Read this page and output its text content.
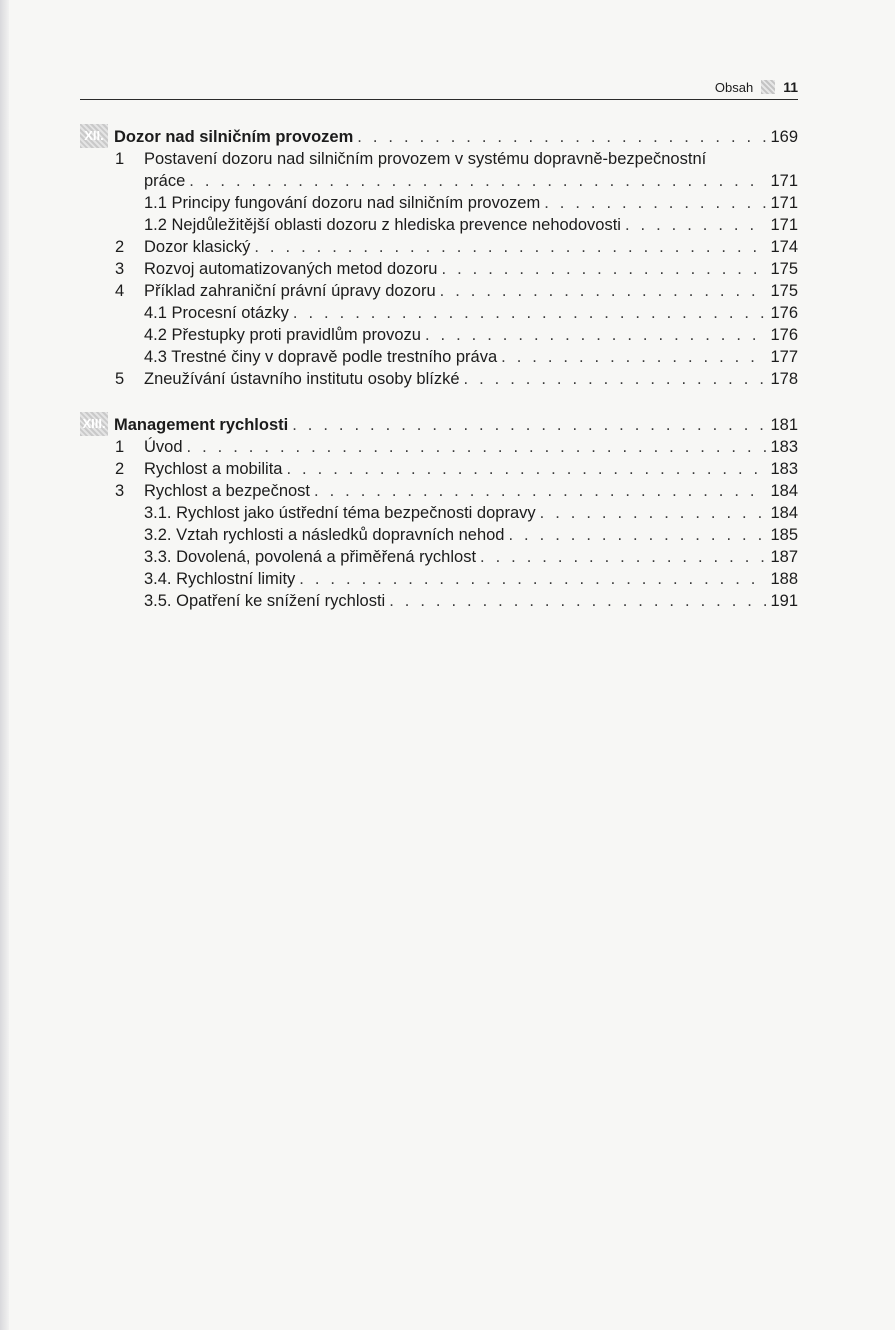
Obsah 11
XII. Dozor nad silničním provozem . . .	169
1	Postavení dozoru nad silničním provozem v systému dopravně-bezpečnostní
práce . . .	171
1.1 Principy fungování dozoru nad silničním provozem . . .	171
1.2 Nejdůležitější oblasti dozoru z hlediska prevence nehodovosti . . .	171
2	Dozor klasický . . .	174
3	Rozvoj automatizovaných metod dozoru . . .	175
4	Příklad zahraniční právní úpravy dozoru . . .	175
4.1 Procesní otázky . . .	176
4.2 Přestupky proti pravidlům provozu . . .	176
4.3 Trestné činy v dopravě podle trestního práva . . .	177
5	Zneužívání ústavního institutu osoby blízké . . .	178
XIII. Management rychlosti . . .	181
1	Úvod . . .	183
2	Rychlost a mobilita . . .	183
3	Rychlost a bezpečnost . . .	184
3.1. Rychlost jako ústřední téma bezpečnosti dopravy . . .	184
3.2. Vztah rychlosti a následků dopravních nehod . . .	185
3.3. Dovolená, povolená a přiměřená rychlost . . .	187
3.4. Rychlostní limity . . .	188
3.5. Opatření ke snížení rychlosti . . .	191
